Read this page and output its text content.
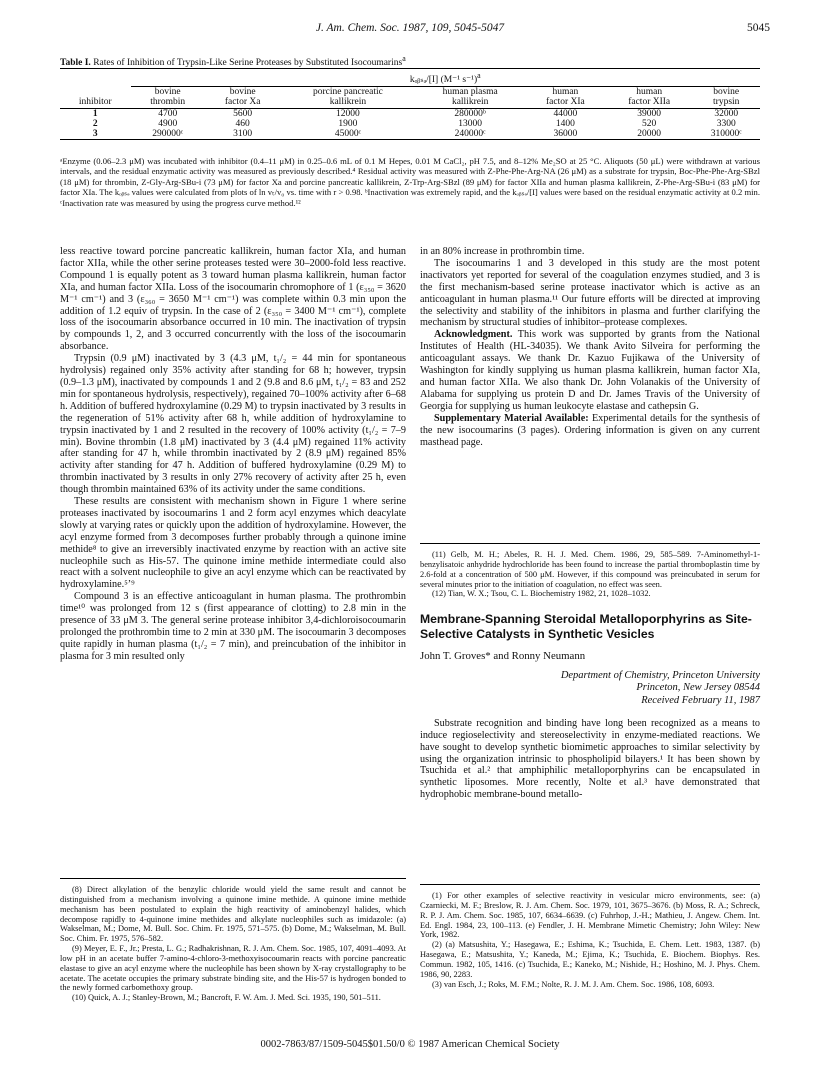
J. Am. Chem. Soc. 1987, 109, 5045-5047	5045
Table I. Rates of Inhibition of Trypsin-Like Serine Proteases by Substituted Isocoumarins$^a$

	kₒᵦₛₔ/[I] (M⁻¹ s⁻¹)$^a$
	bovine	bovine	porcine pancreatic	human plasma	human	human	bovine
inhibitor	thrombin	factor Xa	kallikrein	kallikrein	factor XIa	factor XIIa	trypsin

1	4700	5600	12000	280000ᵇ	44000	39000	32000
2	4900	460	1900	13000	1400	520	3300
3	290000ᶜ	3100	45000ᶜ	240000ᶜ	36000	20000	310000ᶜ

ᵃEnzyme (0.06–2.3 μM) was incubated with inhibitor (0.4–11 μM) in 0.25–0.6 mL of 0.1 M Hepes, 0.01 M CaCl₂, pH 7.5, and 8–12% Me₂SO at 25 °C. Aliquots (50 μL) were withdrawn at various intervals, and the residual enzymatic activity was measured as previously described.⁴ Residual activity was measured with Z-Phe-Phe-Arg-NA (26 μM) as a substrate for trypsin, Boc-Phe-Phe-Arg-SBzl (18 μM) for thrombin, Z-Gly-Arg-SBu-i (73 μM) for factor Xa and porcine pancreatic kallikrein, Z-Trp-Arg-SBzl (89 μM) for factor XIIa and human plasma kallikrein, Z-Phe-Arg-SBu-i (83 μM) for factor XIa. The kₒᵦₛₔ values were calculated from plots of ln vₜ/v₀ vs. time with r > 0.98. ᵇInactivation was extremely rapid, and the kₒᵦₛₔ/[I] values were based on the residual enzymatic activity at 0.2 min. ᶜInactivation rate was measured by using the progress curve method.¹²

less reactive toward porcine pancreatic kallikrein, human factor XIa, and human factor XIIa, while the other serine proteases tested were 30–2000-fold less reactive. Compound 1 is equally potent as 3 toward human plasma kallikrein, human factor XIa, and human factor XIIa. Loss of the isocoumarin chromophore of 1 (ε₃₅₀ = 3620 M⁻¹ cm⁻¹) and 3 (ε₃₆₀ = 3650 M⁻¹ cm⁻¹) was complete within 0.3 min upon the addition of 1.2 equiv of trypsin. In the case of 2 (ε₃₅₀ = 3400 M⁻¹ cm⁻¹), complete loss of the isocoumarin absorbance occurred in 10 min. The inactivation of trypsin by compounds 1, 2, and 3 occurred concurrently with the loss of the isocoumarin absorbance.

Trypsin (0.9 μM) inactivated by 3 (4.3 μM, t₁/₂ = 44 min for spontaneous hydrolysis) regained only 35% activity after standing for 68 h; however, trypsin (0.9–1.3 μM), inactivated by compounds 1 and 2 (9.8 and 8.6 μM, t₁/₂ = 83 and 252 min for spontaneous hydrolysis, respectively), regained 70–100% activity after 6–68 h. Addition of buffered hydroxylamine (0.29 M) to trypsin inactivated by 3 results in the regeneration of 51% activity after 68 h, while addition of hydroxylamine to trypsin inactivated by 1 and 2 resulted in the recovery of 100% activity (t₁/₂ = 7–9 min). Bovine thrombin (1.8 μM) inactivated by 3 (4.4 μM) regained 11% activity after standing for 47 h, while thrombin inactivated by 2 (8.9 μM) regained 85% activity after standing for 47 h. Addition of buffered hydroxylamine (0.29 M) to thrombin inactivated by 3 results in only 27% recovery of activity after 25 h, even though thrombin maintained 63% of its activity under the same conditions.

These results are consistent with mechanism shown in Figure 1 where serine proteases inactivated by isocoumarins 1 and 2 form acyl enzymes which deacylate slowly at varying rates or quickly upon the addition of hydroxylamine. However, the acyl enzyme formed from 3 decomposes further probably through a quinone imine methide⁸ to give an irreversibly inactivated enzyme by reaction with an active site nucleophile such as His-57. The quinone imine methide intermediate could also react with a solvent nucleophile to give an acyl enzyme which can be reactivated by hydroxylamine.⁵ʼ⁹

Compound 3 is an effective anticoagulant in human plasma. The prothrombin time¹⁰ was prolonged from 12 s (first appearance of clotting) to 2.8 min in the presence of 33 μM 3. The general serine protease inhibitor 3,4-dichloroisocoumarin prolonged the prothrombin time to 2 min at 330 μM. The isocoumarin 3 decomposes quite rapidly in human plasma (t₁/₂ = 7 min), and preincubation of the inhibitor in plasma for 3 min resulted only

(8) Direct alkylation of the benzylic chloride would yield the same result and cannot be distinguished from a mechanism involving a quinone imine methide. A quinone imine methide mechanism has been postulated to explain the high reactivity of aminobenzyl halides, which decompose rapidly to 4-quinone imine methides and alkylate nucleophiles such as imidazole: (a) Wakselman, M.; Dome, M. Bull. Soc. Chim. Fr. 1975, 571–575. (b) Dome, M.; Wakselman, M. Bull. Soc. Chim. Fr. 1975, 576–582.

(9) Meyer, E. F., Jr.; Presta, L. G.; Radhakrishnan, R. J. Am. Chem. Soc. 1985, 107, 4091–4093. At low pH in an acetate buffer 7-amino-4-chloro-3-methoxyisocoumarin reacts with porcine pancreatic elastase to give an acyl enzyme where the nucleophile has been shown by X-ray crystallography to be acetate. The acetate occupies the primary substrate binding site, and the His-57 is hydrogen bonded to the newly formed carbomethoxy group.

(10) Quick, A. J.; Stanley-Brown, M.; Bancroft, F. W. Am. J. Med. Sci. 1935, 190, 501–511.

in an 80% increase in prothrombin time.

The isocoumarins 1 and 3 developed in this study are the most potent inactivators yet reported for several of the coagulation enzymes studied, and 3 is the first mechanism-based serine protease inactivator which is active as an anticoagulant in human plasma.¹¹ Our future efforts will be directed at improving the selectivity and stability of the inhibitors in plasma and further clarifying the mechanism by structural studies of inhibitor–protease complexes.

Acknowledgment. This work was supported by grants from the National Institutes of Health (HL-34035). We thank Avito Silveira for performing the anticoagulant assays. We thank Dr. Kazuo Fujikawa of the University of Washington for kindly supplying us human plasma kallikrein, human factor XIa, and human factor XIIa. We also thank Dr. John Volanakis of the University of Alabama for supplying us protein D and Dr. James Travis of the University of Georgia for supplying us human leukocyte elastase and cathepsin G.

Supplementary Material Available: Experimental details for the synthesis of the new isocoumarins (3 pages). Ordering information is given on any current masthead page.

(11) Gelb, M. H.; Abeles, R. H. J. Med. Chem. 1986, 29, 585–589. 7-Aminomethyl-1-benzylisatoic anhydride hydrochloride has been found to increase the partial thromboplastin time by 2.6-fold at a concentration of 500 μM. However, if this compound was preincubated in serum for several minutes prior to the initiation of coagulation, no effect was seen.

(12) Tian, W. X.; Tsou, C. L. Biochemistry 1982, 21, 1028–1032.

Membrane-Spanning Steroidal Metalloporphyrins as Site-Selective Catalysts in Synthetic Vesicles
John T. Groves* and Ronny Neumann
Department of Chemistry, Princeton University
Princeton, New Jersey 08544
Received February 11, 1987
Substrate recognition and binding have long been recognized as a means to induce regioselectivity and stereoselectivity in enzyme-mediated reactions. We have sought to develop synthetic biomimetic approaches to similar selectivity by using the organization intrinsic to phospholipid bilayers.¹ It has been shown by Tsuchida et al.² that amphiphilic metalloporphyrins can be encapsulated in synthetic liposomes. More recently, Nolte et al.³ have demonstrated that hydrophobic membrane-bound metallo-

(1) For other examples of selective reactivity in vesicular micro environments, see: (a) Czarniecki, M. F.; Breslow, R. J. Am. Chem. Soc. 1979, 101, 3675–3676. (b) Moss, R. A.; Schreck, R. P. J. Am. Chem. Soc. 1985, 107, 6634–6639. (c) Fuhrhop, J.-H.; Mathieu, J. Angew. Chem. Int. Ed. Engl. 1984, 23, 100–113. (e) Fendler, J. H. Membrane Mimetic Chemistry; John Wiley: New York, 1982.

(2) (a) Matsushita, Y.; Hasegawa, E.; Eshima, K.; Tsuchida, E. Chem. Lett. 1983, 1387. (b) Hasegawa, E.; Matsushita, Y.; Kaneda, M.; Ejima, K.; Tsuchida, E. Biochem. Biophys. Res. Commun. 1982, 105, 1416. (c) Tsuchida, E.; Kaneko, M.; Nishide, H.; Hoshino, M. J. Phys. Chem. 1986, 90, 2283.

(3) van Esch, J.; Roks, M. F.M.; Nolte, R. J. M. J. Am. Chem. Soc. 1986, 108, 6093.

0002-7863/87/1509-5045$01.50/0 © 1987 American Chemical Society
